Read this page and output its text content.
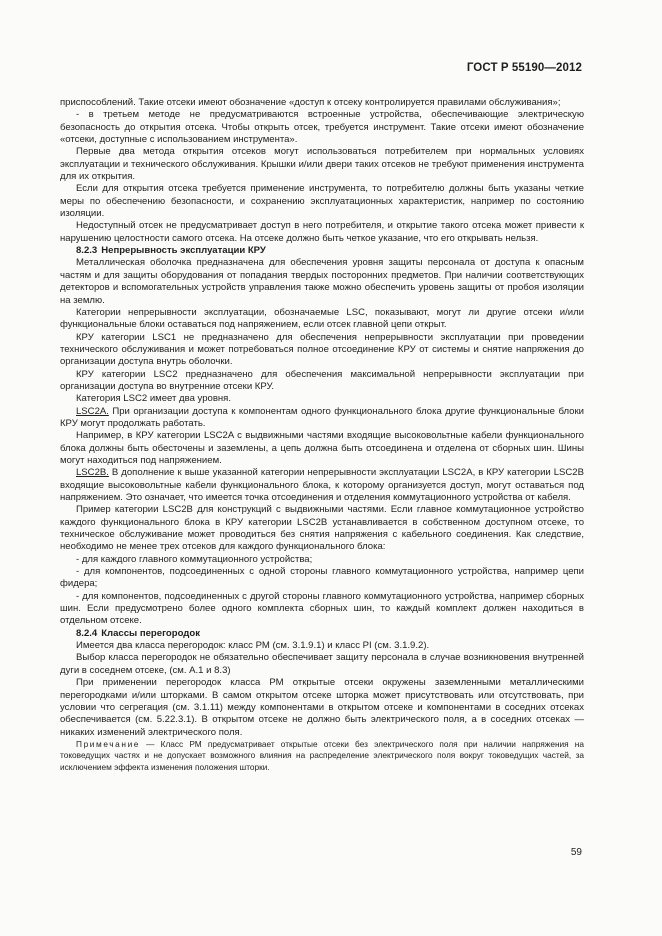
ГОСТ Р 55190—2012

приспособлений. Такие отсеки имеют обозначение «доступ к отсеку контролируется правилами обслуживания»;

- в третьем методе не предусматриваются встроенные устройства, обеспечивающие электрическую безопасность до открытия отсека. Чтобы открыть отсек, требуется инструмент. Такие отсеки имеют обозначение «отсеки, доступные с использованием инструмента».

Первые два метода открытия отсеков могут использоваться потребителем при нормальных условиях эксплуатации и технического обслуживания. Крышки и/или двери таких отсеков не требуют применения инструмента для их открытия.

Если для открытия отсека требуется применение инструмента, то потребителю должны быть указаны четкие меры по обеспечению безопасности, и сохранению эксплуатационных характеристик, например по состоянию изоляции.

Недоступный отсек не предусматривает доступ в него потребителя, и открытие такого отсека может привести к нарушению целостности самого отсека. На отсеке должно быть четкое указание, что его открывать нельзя.

8.2.3 Непрерывность эксплуатации КРУ

Металлическая оболочка предназначена для обеспечения уровня защиты персонала от доступа к опасным частям и для защиты оборудования от попадания твердых посторонних предметов. При наличии соответствующих детекторов и вспомогательных устройств управления также можно обеспечить уровень защиты от пробоя изоляции на землю.

Категории непрерывности эксплуатации, обозначаемые LSC, показывают, могут ли другие отсеки и/или функциональные блоки оставаться под напряжением, если отсек главной цепи открыт.

КРУ категории LSC1 не предназначено для обеспечения непрерывности эксплуатации при проведении технического обслуживания и может потребоваться полное отсоединение КРУ от системы и снятие напряжения до организации доступа внутрь оболочки.

КРУ категории LSC2 предназначено для обеспечения максимальной непрерывности эксплуатации при организации доступа во внутренние отсеки КРУ.

Категория LSC2 имеет два уровня.

LSC2A. При организации доступа к компонентам одного функционального блока другие функциональные блоки КРУ могут продолжать работать.

Например, в КРУ категории LSC2A с выдвижными частями входящие высоковольтные кабели функционального блока должны быть обесточены и заземлены, а цепь должна быть отсоединена и отделена от сборных шин. Шины могут находиться под напряжением.

LSC2B. В дополнение к выше указанной категории непрерывности эксплуатации LSC2A, в КРУ категории LSC2B входящие высоковольтные кабели функционального блока, к которому организуется доступ, могут оставаться под напряжением. Это означает, что имеется точка отсоединения и отделения коммутационного устройства от кабеля.

Пример категории LSC2B для конструкций с выдвижными частями. Если главное коммутационное устройство каждого функционального блока в КРУ категории LSC2B устанавливается в собственном доступном отсеке, то техническое обслуживание может проводиться без снятия напряжения с кабельного соединения. Как следствие, необходимо не менее трех отсеков для каждого функционального блока:

- для каждого главного коммутационного устройства;

- для компонентов, подсоединенных с одной стороны главного коммутационного устройства, например цепи фидера;

- для компонентов, подсоединенных с другой стороны главного коммутационного устройства, например сборных шин. Если предусмотрено более одного комплекта сборных шин, то каждый комплект должен находиться в отдельном отсеке.

8.2.4 Классы перегородок

Имеется два класса перегородок: класс РМ (см. 3.1.9.1) и класс PI (см. 3.1.9.2).

Выбор класса перегородок не обязательно обеспечивает защиту персонала в случае возникновения внутренней дуги в соседнем отсеке, (см. А.1 и 8.3)

При применении перегородок класса РМ открытые отсеки окружены заземленными металлическими перегородками и/или шторками. В самом открытом отсеке шторка может присутствовать или отсутствовать, при условии что сегрегация (см. 3.1.11) между компонентами в открытом отсеке и компонентами в соседних отсеках обеспечивается (см. 5.22.3.1). В открытом отсеке не должно быть электрического поля, а в соседних отсеках — никаких изменений электрического поля.

Примечание — Класс РМ предусматривает открытые отсеки без электрического поля при наличии напряжения на токоведущих частях и не допускает возможного влияния на распределение электрического поля вокруг токоведущих частей, за исключением эффекта изменения положения шторки.

59
